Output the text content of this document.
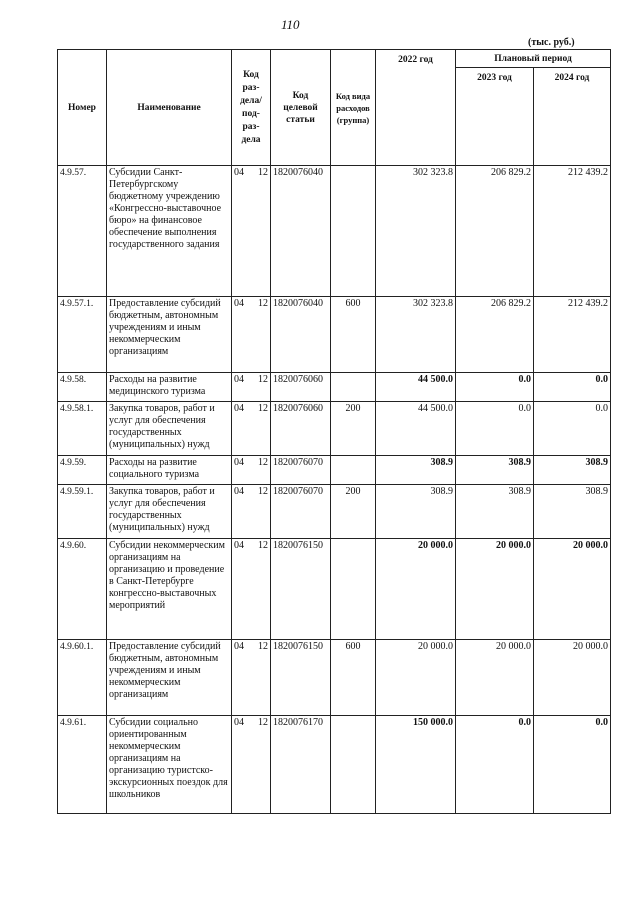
110
(тыс. руб.)
Номер	Наименование	Код раз-дела/ под-раз-дела	Код целевой статьи	Код вида расходов (группа)	2022 год	Плановый период	
						2023 год	2024 год
4.9.57.	Субсидии Санкт-Петербургскому бюджетному учреждению «Конгрессно-выставочное бюро» на финансовое обеспечение выполнения государственного задания	04 12	1820076040		302 323.8	206 829.2	212 439.2
4.9.57.1.	Предоставление субсидий бюджетным, автономным учреждениям и иным некоммерческим организациям	04 12	1820076040	600	302 323.8	206 829.2	212 439.2
4.9.58.	Расходы на развитие медицинского туризма	04 12	1820076060		44 500.0	0.0	0.0
4.9.58.1.	Закупка товаров, работ и услуг для обеспечения государственных (муниципальных) нужд	04 12	1820076060	200	44 500.0	0.0	0.0
4.9.59.	Расходы на развитие социального туризма	04 12	1820076070		308.9	308.9	308.9
4.9.59.1.	Закупка товаров, работ и услуг для обеспечения государственных (муниципальных) нужд	04 12	1820076070	200	308.9	308.9	308.9
4.9.60.	Субсидии некоммерческим организациям на организацию и проведение в Санкт-Петербурге конгрессно-выставочных мероприятий	04 12	1820076150		20 000.0	20 000.0	20 000.0
4.9.60.1.	Предоставление субсидий бюджетным, автономным учреждениям и иным некоммерческим организациям	04 12	1820076150	600	20 000.0	20 000.0	20 000.0
4.9.61.	Субсидии социально ориентированным некоммерческим организациям на организацию туристско-экскурсионных поездок для школьников	04 12	1820076170		150 000.0	0.0	0.0
